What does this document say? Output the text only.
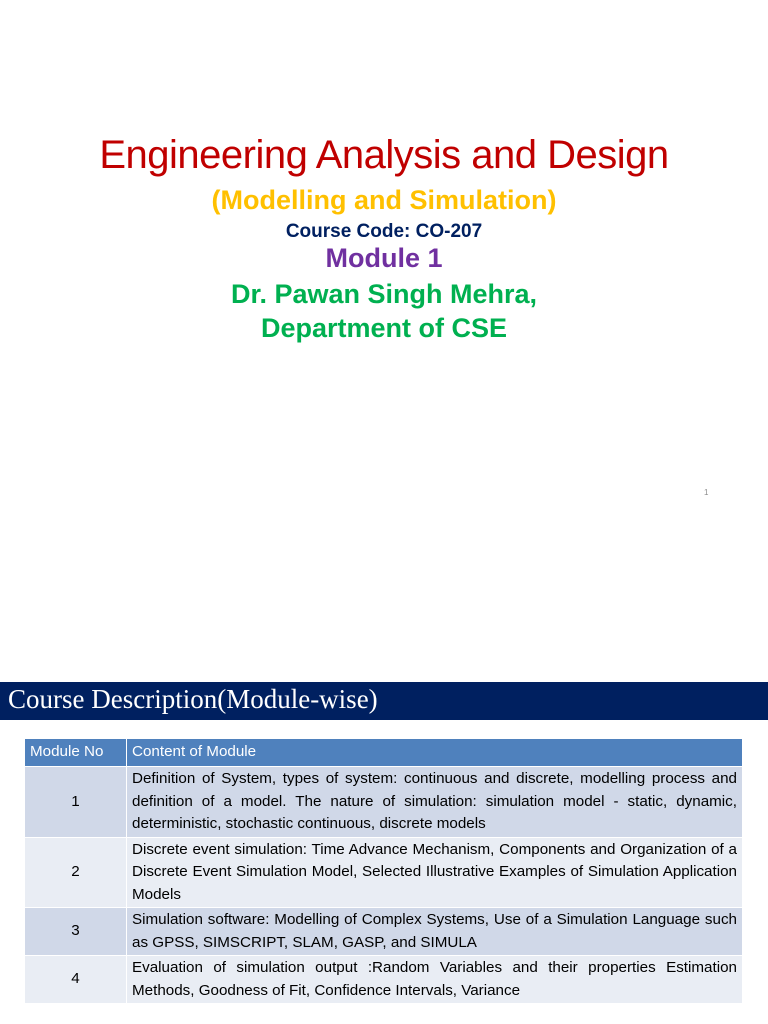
Engineering Analysis and Design
(Modelling and Simulation)
Course Code: CO-207
Module 1
Dr. Pawan Singh Mehra,
Department of CSE
1
Course Description(Module-wise)
Module No	Content of Module
1	Definition of System, types of system: continuous and discrete, modelling process and definition of a model. The nature of simulation: simulation model - static, dynamic, deterministic, stochastic continuous, discrete models
2	Discrete event simulation: Time Advance Mechanism, Components and Organization of a Discrete Event Simulation Model, Selected Illustrative Examples of Simulation Application Models
3	Simulation software: Modelling of Complex Systems, Use of a Simulation Language such as GPSS, SIMSCRIPT, SLAM, GASP, and SIMULA
4	Evaluation of simulation output :Random Variables and their properties Estimation Methods, Goodness of Fit, Confidence Intervals, Variance
